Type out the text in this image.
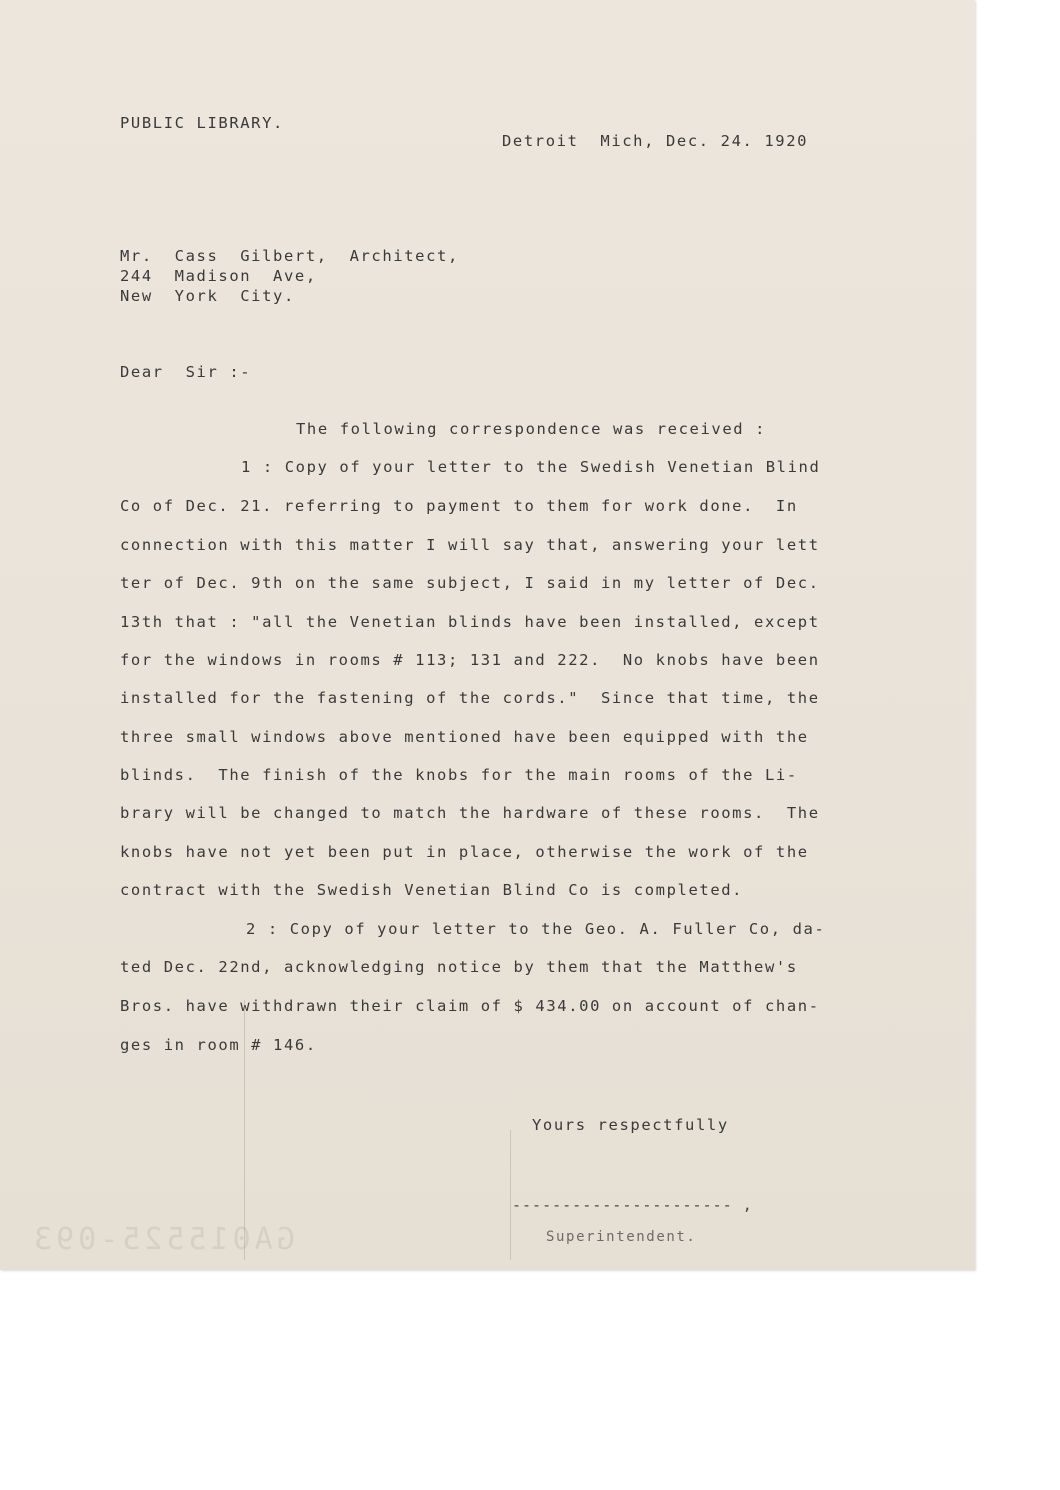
PUBLIC LIBRARY.
Detroit  Mich, Dec. 24. 1920
Mr.  Cass  Gilbert,  Architect,
244  Madison  Ave,
New  York  City.
Dear  Sir :-
The following correspondence was received :
1 : Copy of your letter to the Swedish Venetian Blind
Co of Dec. 21. referring to payment to them for work done.  In
connection with this matter I will say that, answering your lett
ter of Dec. 9th on the same subject, I said in my letter of Dec.
13th that : "all the Venetian blinds have been installed, except
for the windows in rooms # 113; 131 and 222.  No knobs have been
installed for the fastening of the cords."  Since that time, the
three small windows above mentioned have been equipped with the
blinds.  The finish of the knobs for the main rooms of the Li-
brary will be changed to match the hardware of these rooms.  The
knobs have not yet been put in place, otherwise the work of the
contract with the Swedish Venetian Blind Co is completed.
2 : Copy of your letter to the Geo. A. Fuller Co, da-
ted Dec. 22nd, acknowledging notice by them that the Matthew's
Bros. have withdrawn their claim of $ 434.00 on account of chan-
ges in room # 146.
Yours respectfully
---------------------- ,
Superintendent.
GA015525-093
